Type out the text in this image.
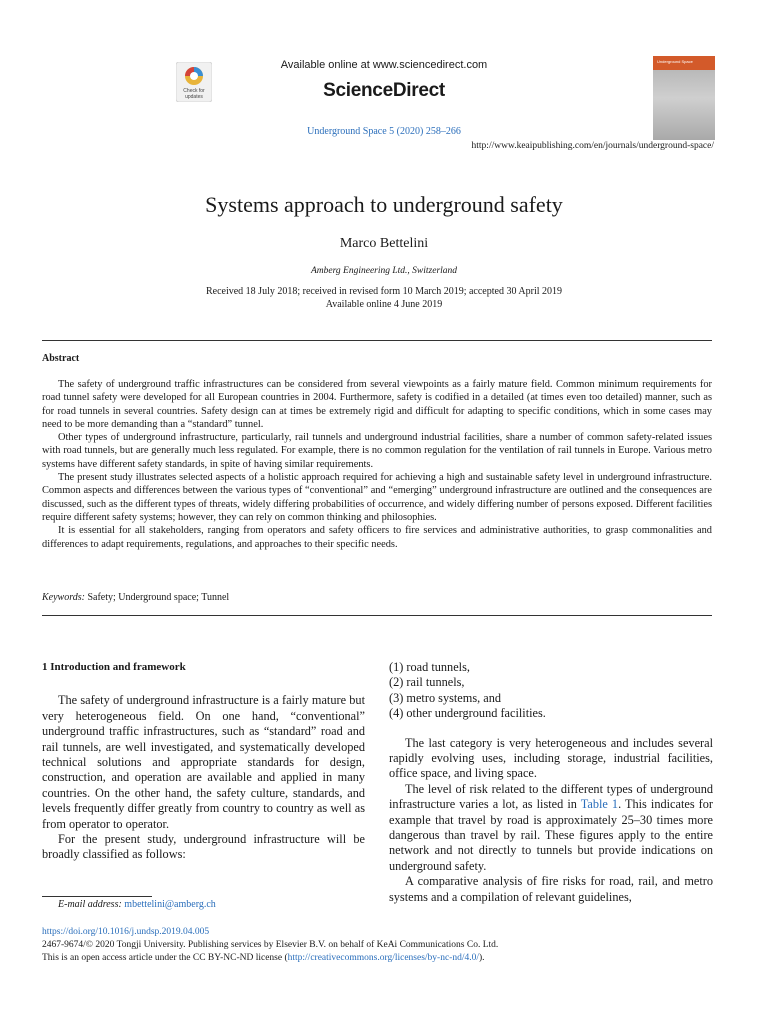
Check for updates
Available online at www.sciencedirect.com
ScienceDirect
Underground Space
Underground Space 5 (2020) 258–266
http://www.keaipublishing.com/en/journals/underground-space/
Systems approach to underground safety
Marco Bettelini
Amberg Engineering Ltd., Switzerland
Received 18 July 2018; received in revised form 10 March 2019; accepted 30 April 2019
Available online 4 June 2019
Abstract

The safety of underground traffic infrastructures can be considered from several viewpoints as a fairly mature field. Common minimum requirements for road tunnel safety were developed for all European countries in 2004. Furthermore, safety is codified in a detailed (at times even too detailed) manner, such as for road tunnels in several countries. Safety design can at times be extremely rigid and difficult for adapting to specific conditions, which in some cases may need to be more demanding than a “standard” tunnel.

Other types of underground infrastructure, particularly, rail tunnels and underground industrial facilities, share a number of common safety-related issues with road tunnels, but are generally much less regulated. For example, there is no common regulation for the ventilation of rail tunnels in Europe. Various metro systems have different safety standards, in spite of having similar requirements.

The present study illustrates selected aspects of a holistic approach required for achieving a high and sustainable safety level in underground infrastructure. Common aspects and differences between the various types of “conventional” and “emerging” underground infrastructure are outlined and the consequences are discussed, such as the different types of threats, widely differing probabilities of occurrence, and widely differing number of persons exposed. Different facilities require different safety systems; however, they can rely on common thinking and philosophies.

It is essential for all stakeholders, ranging from operators and safety officers to fire services and administrative authorities, to grasp commonalities and differences to adapt requirements, regulations, and approaches to their specific needs.

Keywords: Safety; Underground space; Tunnel
1 Introduction and framework

The safety of underground infrastructure is a fairly mature but very heterogeneous field. On one hand, “conventional” underground traffic infrastructures, such as “standard” road and rail tunnels, are well investigated, and systematically developed technical solutions and appropriate standards for design, construction, and operation are available and applied in many countries. On the other hand, the safety culture, standards, and levels frequently differ greatly from country to country as well as from operator to operator.

For the present study, underground infrastructure will be broadly classified as follows:

(1) road tunnels,
(2) rail tunnels,
(3) metro systems, and
(4) other underground facilities.

The last category is very heterogeneous and includes several rapidly evolving uses, including storage, industrial facilities, office space, and living space.

The level of risk related to the different types of underground infrastructure varies a lot, as listed in Table 1. This indicates for example that travel by road is approximately 25–30 times more dangerous than travel by rail. These figures apply to the entire network and not directly to tunnels but provide indications on underground safety.

A comparative analysis of fire risks for road, rail, and metro systems and a compilation of relevant guidelines,

E-mail address: mbettelini@amberg.ch
https://doi.org/10.1016/j.undsp.2019.04.005
2467-9674/© 2020 Tongji University. Publishing services by Elsevier B.V. on behalf of KeAi Communications Co. Ltd.
This is an open access article under the CC BY-NC-ND license (http://creativecommons.org/licenses/by-nc-nd/4.0/).
